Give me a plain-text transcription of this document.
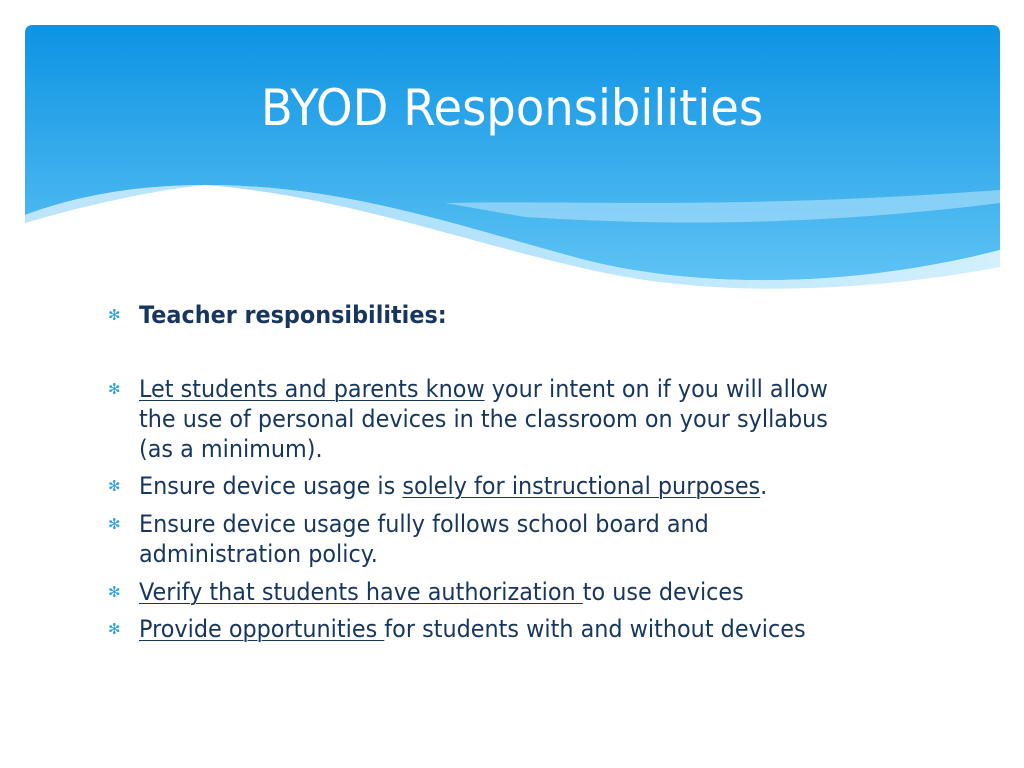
BYOD Responsibilities
✻ Teacher responsibilities:
✻ Let students and parents know your intent on if you will allow the use of personal devices in the classroom on your syllabus (as a minimum).
✻ Ensure device usage is solely for instructional purposes.
✻ Ensure device usage fully follows school board and administration policy.
✻ Verify that students have authorization to use devices
✻ Provide opportunities for students with and without devices
